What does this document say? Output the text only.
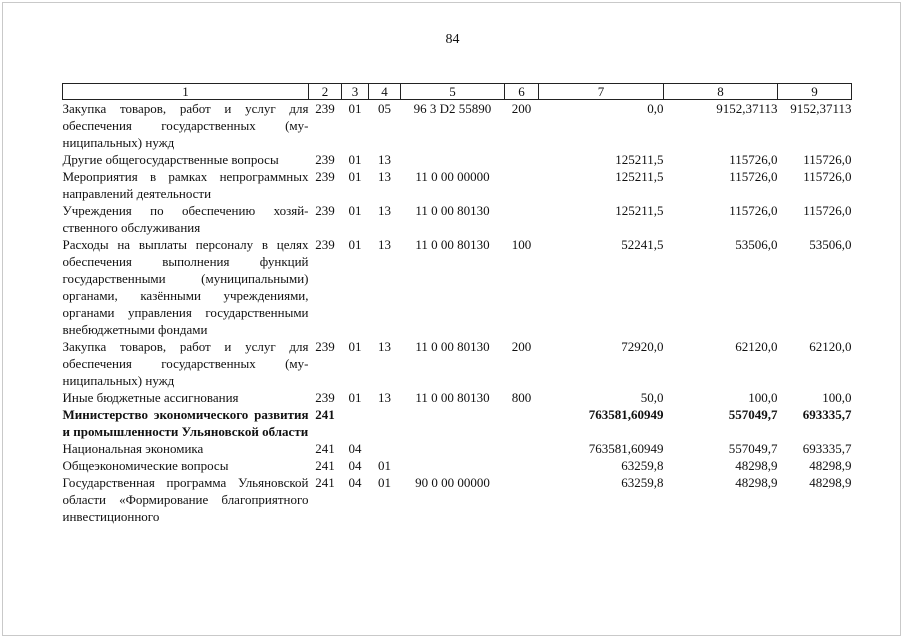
84
1	2	3	4	5	6	7	8	9
Закупка товаров, работ и услуг для обеспечения государственных (муниципальных) нужд	239	01	05	96 3 D2 55890	200	0,0	9152,37113	9152,37113
Другие общегосударственные вопросы	239	01	13			125211,5	115726,0	115726,0
Мероприятия в рамках непрограммных направлений деятельности	239	01	13	11 0 00 00000		125211,5	115726,0	115726,0
Учреждения по обеспечению хозяйственного обслуживания	239	01	13	11 0 00 80130		125211,5	115726,0	115726,0
Расходы на выплаты персоналу в целях обеспечения выполнения функций государственными (муниципальными) органами, казёнными учреждениями, органами управления государственными внебюджетными фондами	239	01	13	11 0 00 80130	100	52241,5	53506,0	53506,0
Закупка товаров, работ и услуг для обеспечения государственных (муниципальных) нужд	239	01	13	11 0 00 80130	200	72920,0	62120,0	62120,0
Иные бюджетные ассигнования	239	01	13	11 0 00 80130	800	50,0	100,0	100,0
Министерство экономического развития и промышленности Ульяновской области	241					763581,60949	557049,7	693335,7
Национальная экономика	241	04				763581,60949	557049,7	693335,7
Общеэкономические вопросы	241	04	01			63259,8	48298,9	48298,9
Государственная программа Ульяновской области «Формирование благоприятного инвестиционного	241	04	01	90 0 00 00000		63259,8	48298,9	48298,9
